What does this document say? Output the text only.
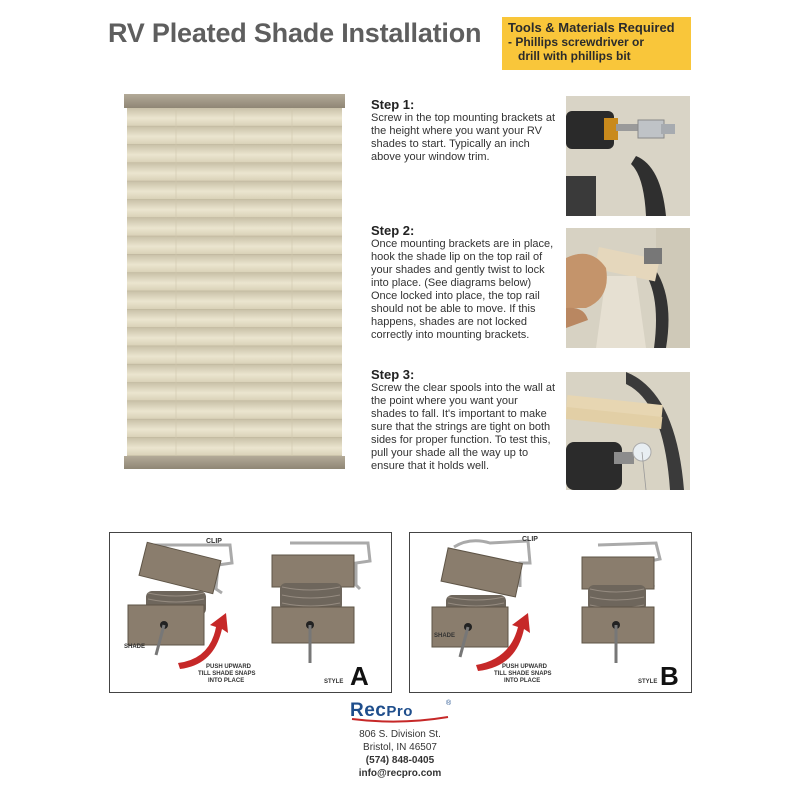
RV Pleated Shade Installation Tools & Materials Required
- Phillips screwdriver or
drill with phillips bit
Step 1:
Screw in the top mounting brackets at the height where you want your RV shades to start. Typically an inch above your window trim.
Step 2:
Once mounting brackets are in place, hook the shade lip on the top rail of your shades and gently twist to lock into place. (See diagrams below) Once locked into place, the top rail should not be able to move. If this happens, shades are not locked correctly into mounting brackets.
Step 3:
Screw the clear spools into the wall at the point where you want your shades to fall. It's important to make sure that the strings are tight on both sides for proper function. To test this, pull your shade all the way up to ensure that it holds well.
CLIP
SHADE
PUSH UPWARD
TILL SHADE SNAPS
INTO PLACE	STYLE A
CLIP
SHADE
PUSH UPWARD
TILL SHADE SNAPS
INTO PLACE	STYLE B
RecPro	®
806 S. Division St.
Bristol, IN 46507
(574) 848-0405
info@recpro.com
